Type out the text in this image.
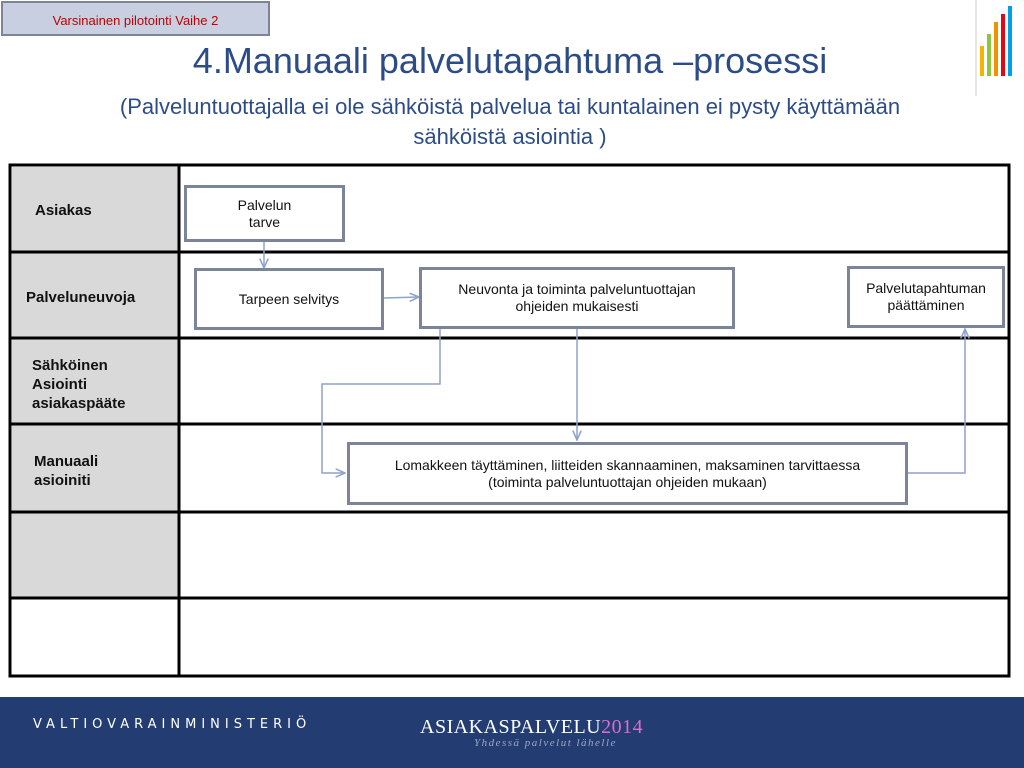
Varsinainen pilotointi Vaihe 2
4.Manuaali palvelutapahtuma –prosessi
(Palveluntuottajalla ei ole sähköistä palvelua tai kuntalainen ei pysty käyttämään
sähköistä asiointia )
Asiakas
Palveluneuvoja
Sähköinen
Asiointi
asiakaspääte
Manuaali
asioiniti
Palvelun
tarve
Tarpeen selvitys
Neuvonta ja toiminta palveluntuottajan
ohjeiden mukaisesti
Palvelutapahtuman
päättäminen
Lomakkeen täyttäminen, liitteiden skannaaminen, maksaminen tarvittaessa
(toiminta palveluntuottajan ohjeiden mukaan)
VALTIOVARAINMINISTERIÖ	ASIAKASPALVELU2014
Yhdessä palvelut lähelle
